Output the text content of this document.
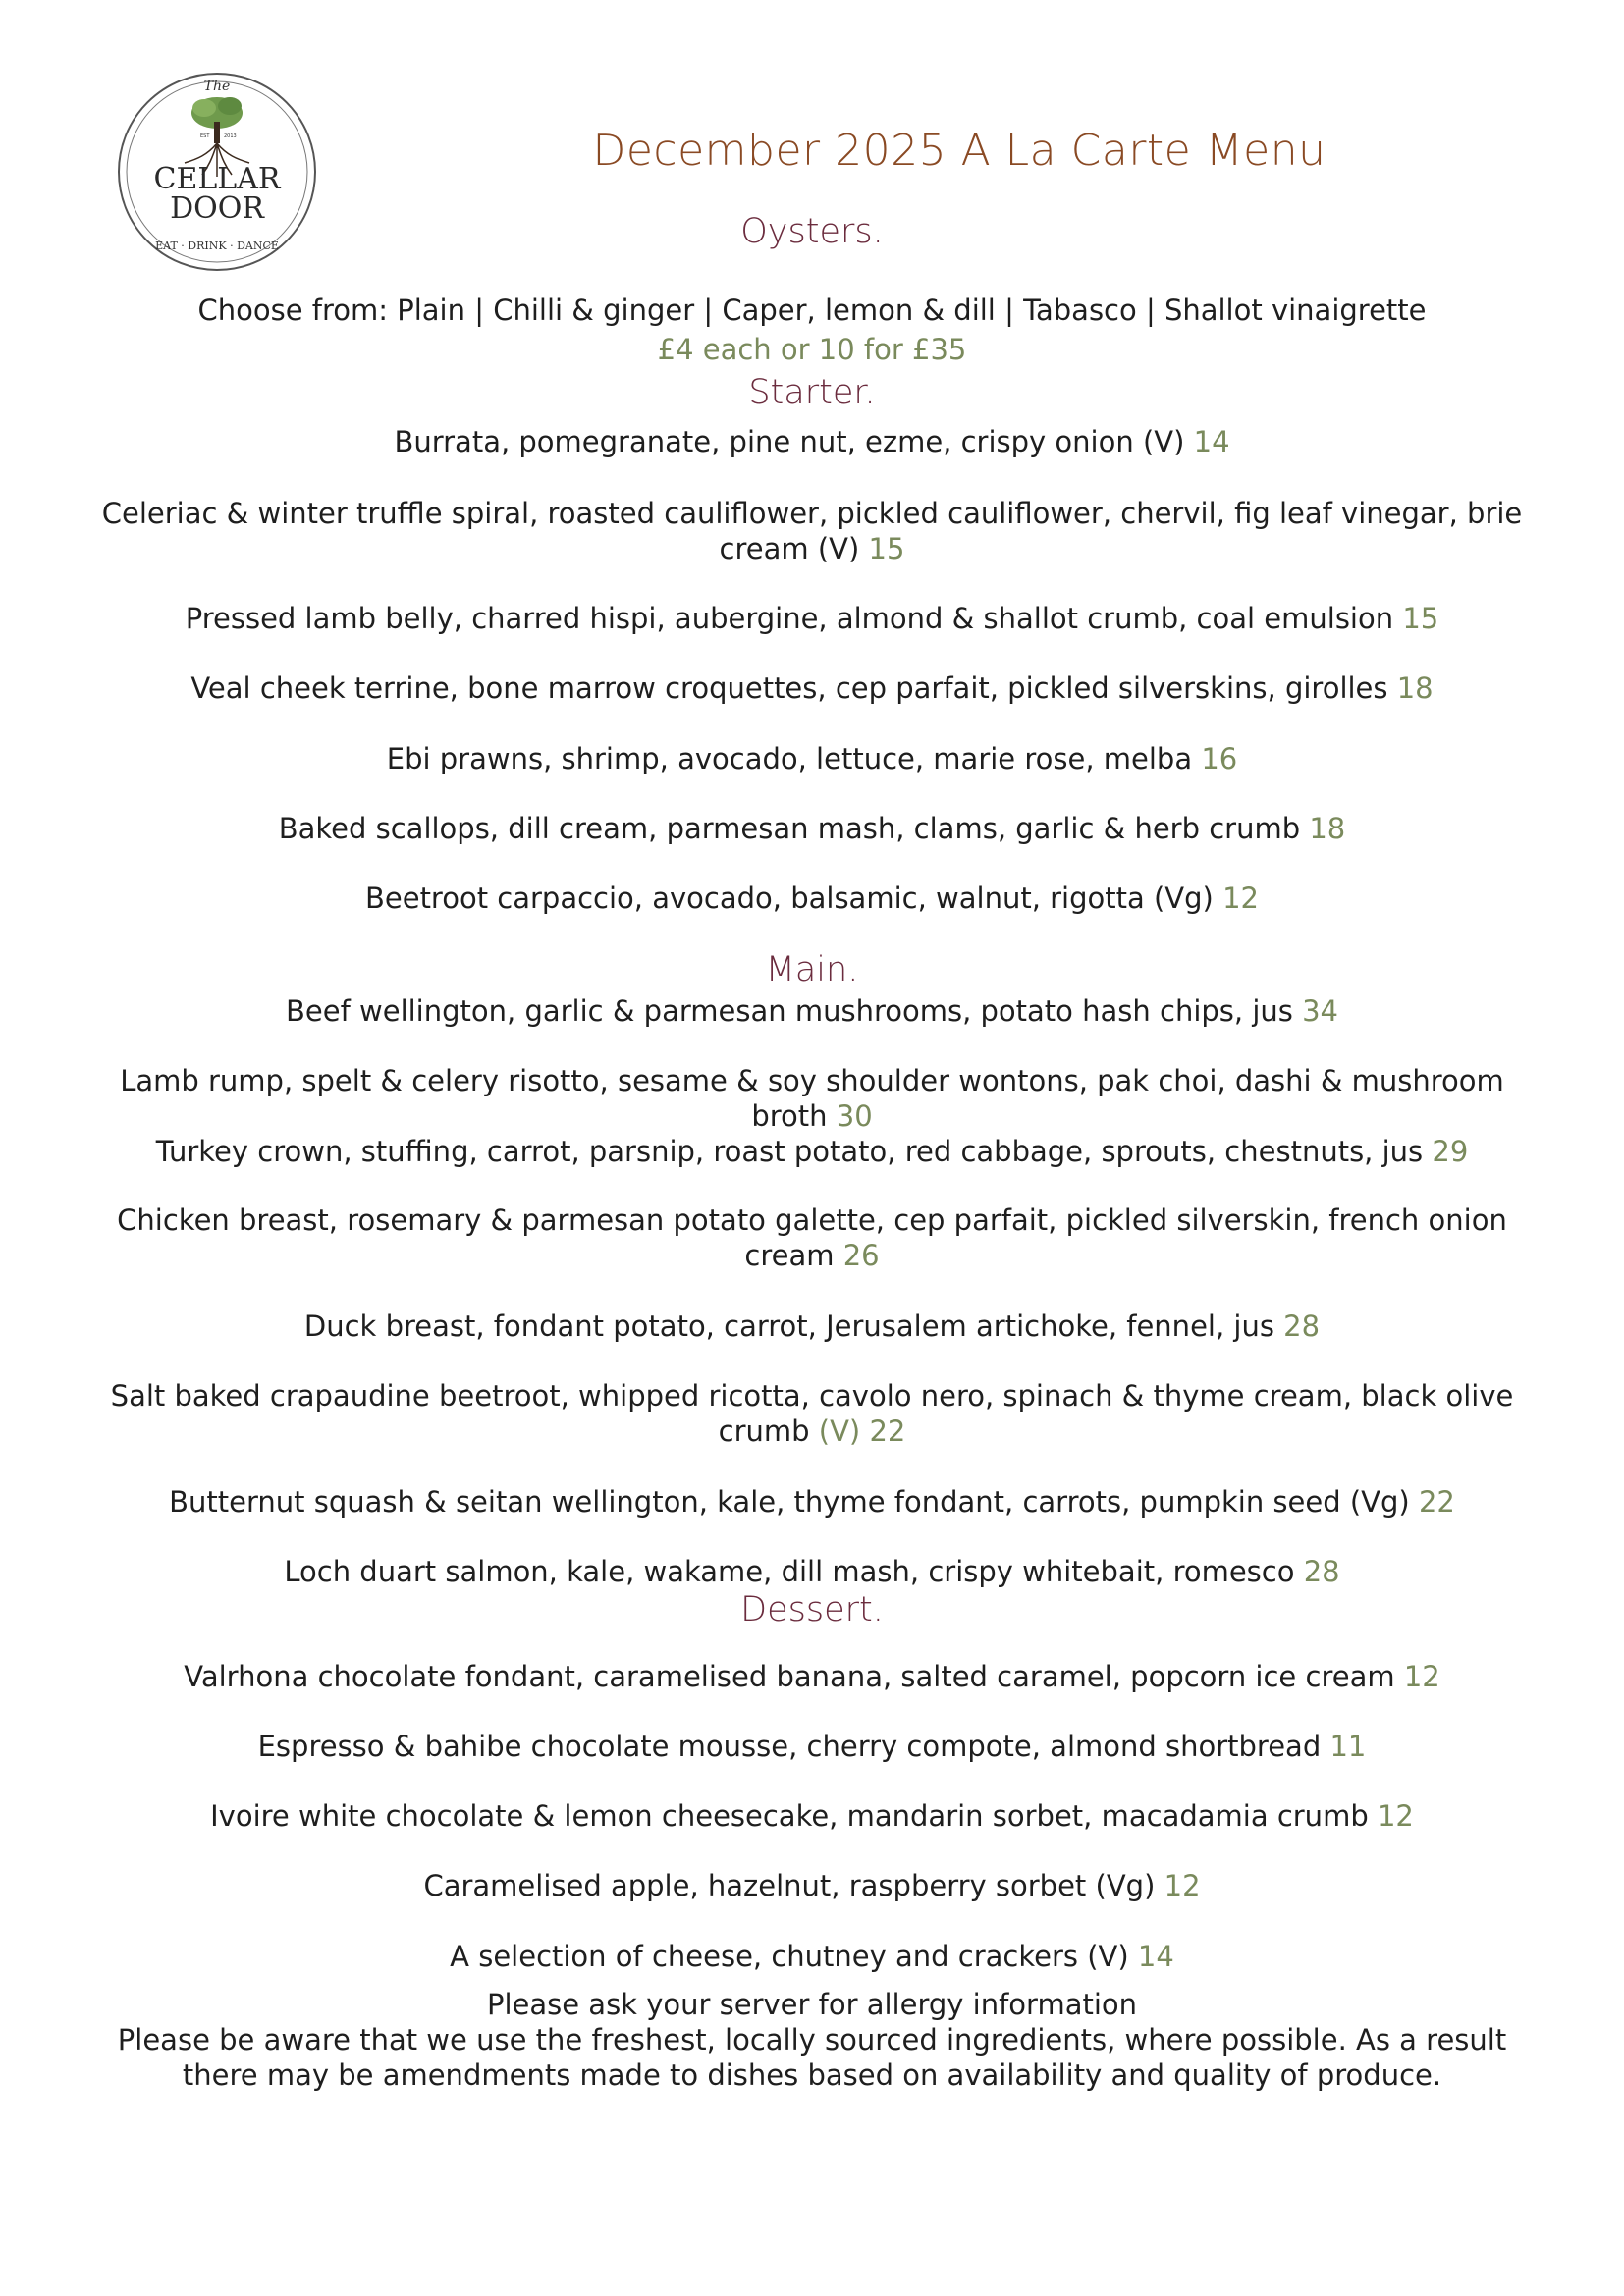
The
EST	2013
CELLAR
DOOR
EAT · DRINK · DANCE
December 2025 A La Carte Menu
Oysters.
Choose from: Plain | Chilli & ginger | Caper, lemon & dill | Tabasco | Shallot vinaigrette
£4 each or 10 for £35
Starter.
Burrata, pomegranate, pine nut, ezme, crispy onion (V) 14
Celeriac & winter truffle spiral, roasted cauliflower, pickled cauliflower, chervil, fig leaf vinegar, brie cream (V) 15
Pressed lamb belly, charred hispi, aubergine, almond & shallot crumb, coal emulsion 15
Veal cheek terrine, bone marrow croquettes, cep parfait, pickled silverskins, girolles 18
Ebi prawns, shrimp, avocado, lettuce, marie rose, melba 16
Baked scallops, dill cream, parmesan mash, clams, garlic & herb crumb 18
Beetroot carpaccio, avocado, balsamic, walnut, rigotta (Vg) 12
Main.
Beef wellington, garlic & parmesan mushrooms, potato hash chips, jus 34
Lamb rump, spelt & celery risotto, sesame & soy shoulder wontons, pak choi, dashi & mushroom broth 30
Turkey crown, stuffing, carrot, parsnip, roast potato, red cabbage, sprouts, chestnuts, jus 29
Chicken breast, rosemary & parmesan potato galette, cep parfait, pickled silverskin, french onion cream 26
Duck breast, fondant potato, carrot, Jerusalem artichoke, fennel, jus 28
Salt baked crapaudine beetroot, whipped ricotta, cavolo nero, spinach & thyme cream, black olive crumb (V) 22
Butternut squash & seitan wellington, kale, thyme fondant, carrots, pumpkin seed (Vg) 22
Loch duart salmon, kale, wakame, dill mash, crispy whitebait, romesco 28
Dessert.
Valrhona chocolate fondant, caramelised banana, salted caramel, popcorn ice cream 12
Espresso & bahibe chocolate mousse, cherry compote, almond shortbread 11
Ivoire white chocolate & lemon cheesecake, mandarin sorbet, macadamia crumb 12
Caramelised apple, hazelnut, raspberry sorbet (Vg) 12
A selection of cheese, chutney and crackers (V) 14
Please ask your server for allergy information
Please be aware that we use the freshest, locally sourced ingredients, where possible. As a result there may be amendments made to dishes based on availability and quality of produce.
